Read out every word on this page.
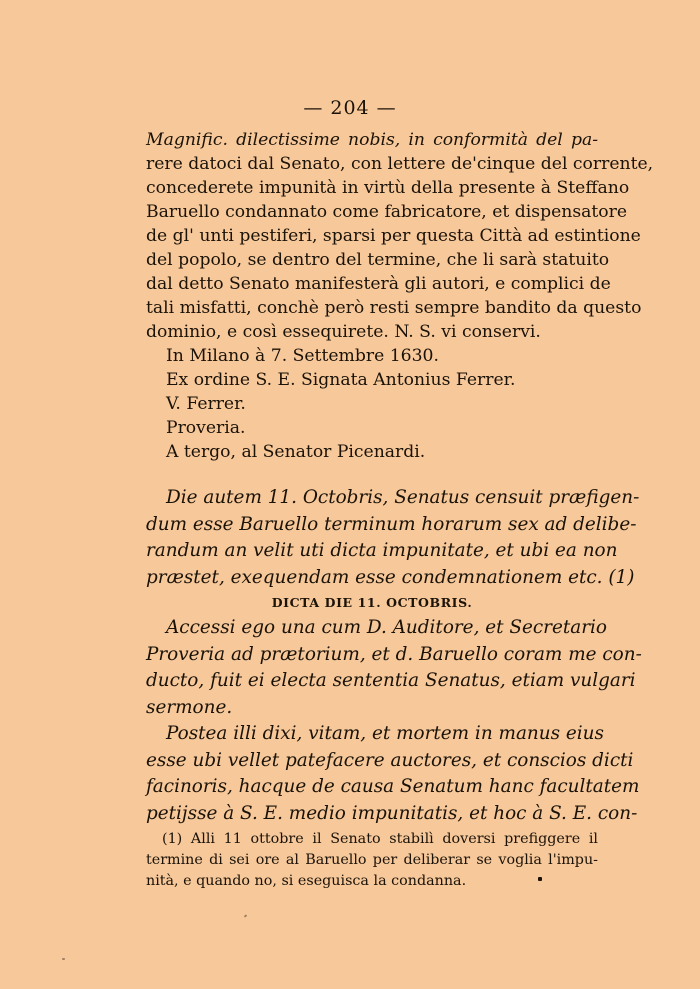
— 204 —
Magnific. dilectissime nobis, in conformità del pa-
rere datoci dal Senato, con lettere de'cinque del corrente,
concederete impunità in virtù della presente à Steffano
Baruello condannato come fabricatore, et dispensatore
de gl' unti pestiferi, sparsi per questa Città ad estintione
del popolo, se dentro del termine, che li sarà statuito
dal detto Senato manifesterà gli autori, e complici de
tali misfatti, conchè però resti sempre bandito da questo
dominio, e così essequirete. N. S. vi conservi.
In Milano à 7. Settembre 1630.
Ex ordine S. E. Signata Antonius Ferrer.
V. Ferrer.
Proveria.
A tergo, al Senator Picenardi.
Die autem 11. Octobris, Senatus censuit præfigen-
dum esse Baruello terminum horarum sex ad delibe-
randum an velit uti dicta impunitate, et ubi ea non
præstet, exequendam esse condemnationem etc. (1)
DICTA DIE 11. OCTOBRIS.
Accessi ego una cum D. Auditore, et Secretario
Proveria ad prætorium, et d. Baruello coram me con-
ducto, fuit ei electa sententia Senatus, etiam vulgari
sermone.
Postea illi dixi, vitam, et mortem in manus eius
esse ubi vellet patefacere auctores, et conscios dicti
facinoris, hacque de causa Senatum hanc facultatem
petijsse à S. E. medio impunitatis, et hoc à S. E. con-
(1) Alli 11 ottobre il Senato stabilì doversi prefiggere il
termine di sei ore al Baruello per deliberar se voglia l'impu-
nità, e quando no, si eseguisca la condanna.
